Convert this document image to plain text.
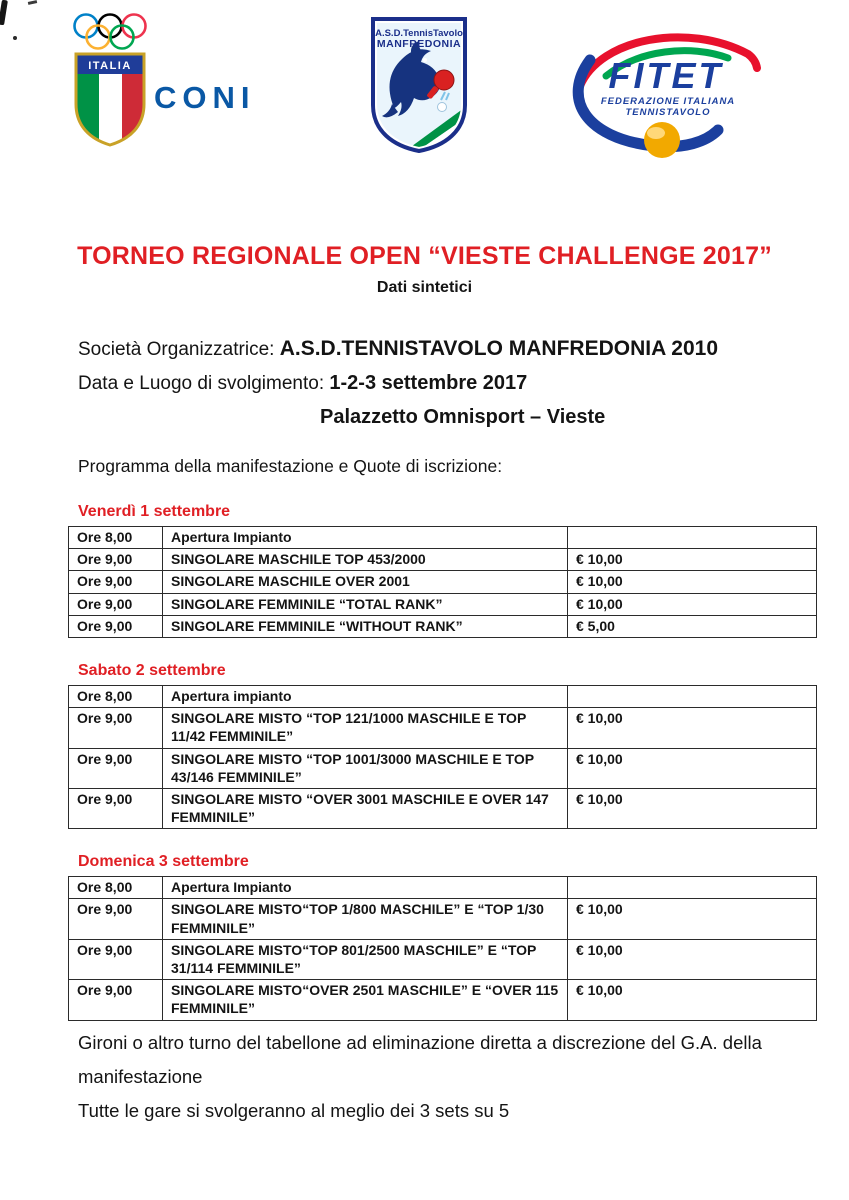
ITALIA
CONI
A.S.D.TennisTavolo
MANFREDONIA
FITET
FEDERAZIONE ITALIANA
TENNISTAVOLO
TORNEO REGIONALE OPEN “VIESTE CHALLENGE 2017”
Dati sintetici

Società Organizzatrice: A.S.D.TENNISTAVOLO MANFREDONIA 2010

Data e Luogo di svolgimento: 1-2-3 settembre 2017

Palazzetto Omnisport – Vieste

Programma della manifestazione e Quote di iscrizione:

Venerdì 1 settembre
Ore 8,00	Apertura Impianto	
Ore 9,00	SINGOLARE MASCHILE TOP 453/2000	€ 10,00
Ore 9,00	SINGOLARE MASCHILE OVER 2001	€ 10,00
Ore 9,00	SINGOLARE FEMMINILE “TOTAL RANK”	€ 10,00
Ore 9,00	SINGOLARE FEMMINILE “WITHOUT RANK”	€ 5,00
Sabato 2 settembre
Ore 8,00	Apertura impianto	
Ore 9,00	SINGOLARE MISTO “TOP 121/1000 MASCHILE E TOP 11/42 FEMMINILE”	€ 10,00
Ore 9,00	SINGOLARE MISTO “TOP 1001/3000 MASCHILE E TOP 43/146 FEMMINILE”	€ 10,00
Ore 9,00	SINGOLARE MISTO “OVER 3001 MASCHILE E OVER 147 FEMMINILE”	€ 10,00
Domenica 3 settembre
Ore 8,00	Apertura Impianto	
Ore 9,00	SINGOLARE MISTO“TOP 1/800 MASCHILE” E “TOP 1/30 FEMMINILE”	€ 10,00
Ore 9,00	SINGOLARE MISTO“TOP 801/2500 MASCHILE” E “TOP 31/114 FEMMINILE”	€ 10,00
Ore 9,00	SINGOLARE MISTO“OVER 2501 MASCHILE” E “OVER 115 FEMMINILE”	€ 10,00

Gironi o altro turno del tabellone ad eliminazione diretta a discrezione del G.A. della manifestazione

Tutte le gare si svolgeranno al meglio dei 3 sets su 5
